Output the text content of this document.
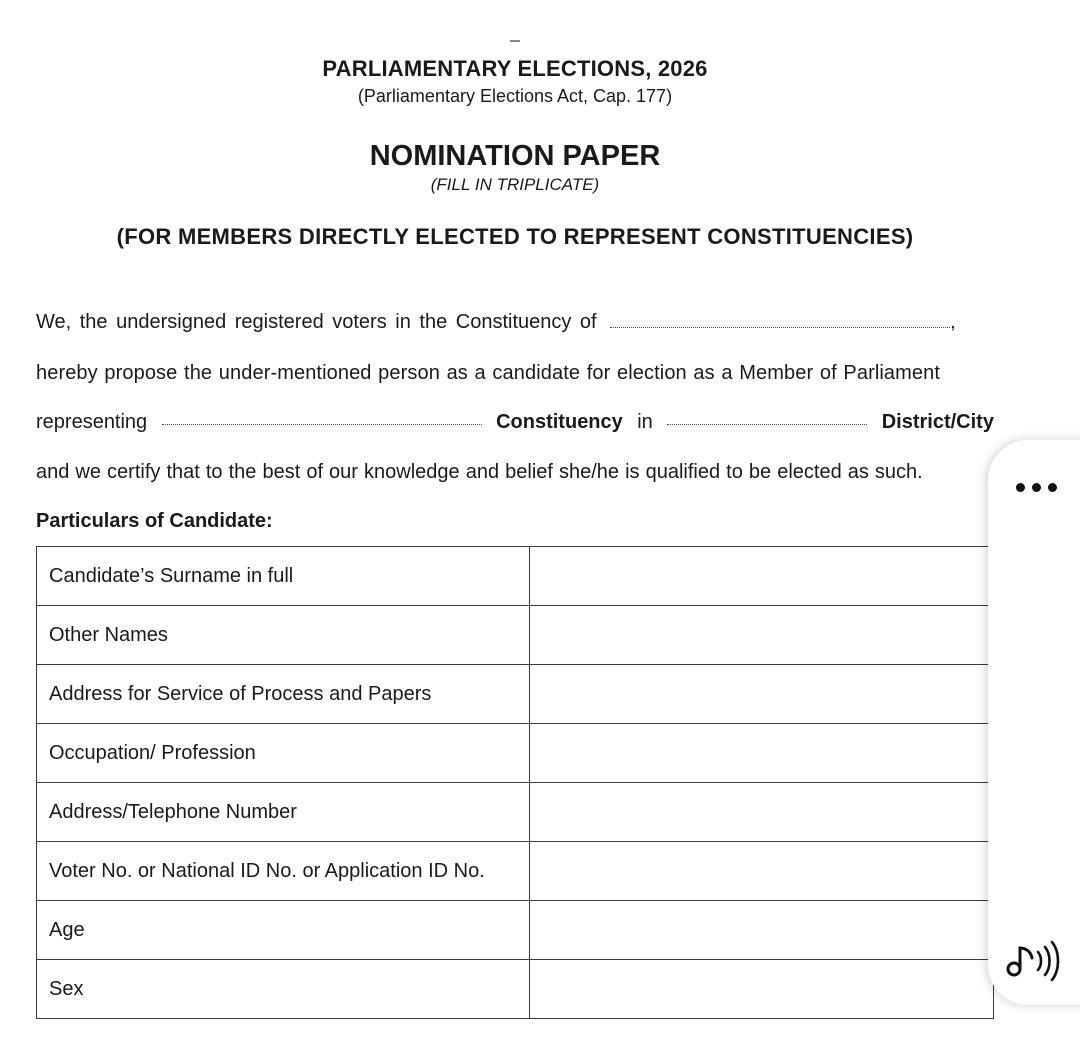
PARLIAMENTARY ELECTIONS, 2026
(Parliamentary Elections Act, Cap. 177)
NOMINATION PAPER
(FILL IN TRIPLICATE)
(FOR MEMBERS DIRECTLY ELECTED TO REPRESENT CONSTITUENCIES)
We, the undersigned registered voters in the Constituency of	,
hereby propose the under-mentioned person as a candidate for election as a Member of Parliament
representing	Constituency in	District/City
and we certify that to the best of our knowledge and belief she/he is qualified to be elected as such.
Particulars of Candidate:
Candidate’s Surname in full	
Other Names	
Address for Service of Process and Papers	
Occupation/ Profession	
Address/Telephone Number	
Voter No. or National ID No. or Application ID No.	
Age	
Sex	
